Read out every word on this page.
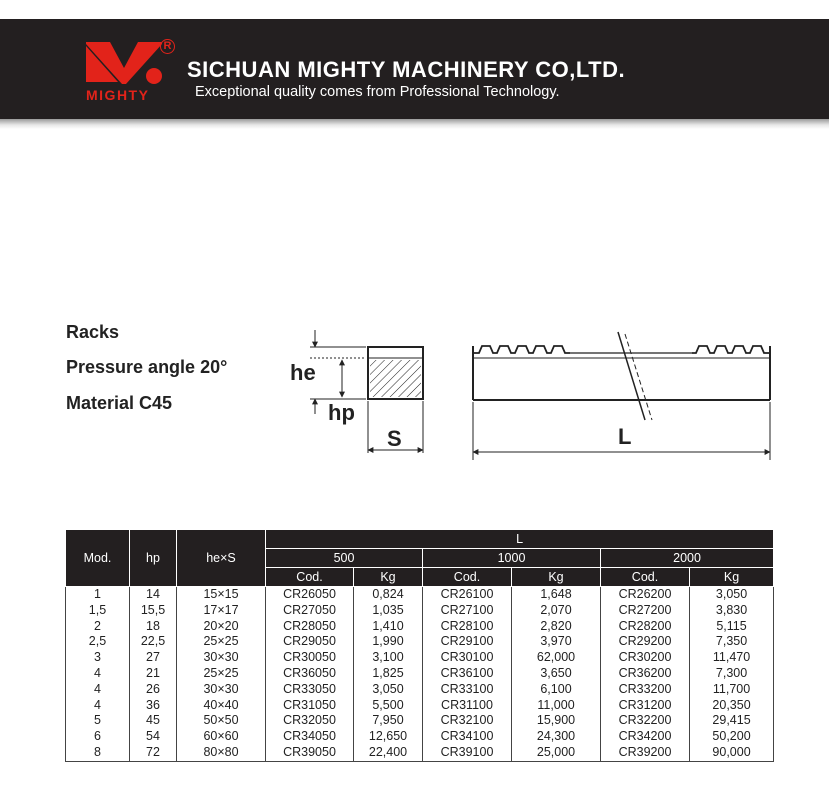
R
MIGHTY
SICHUAN MIGHTY MACHINERY CO,LTD.
Exceptional quality comes from Professional Technology.
Racks
Pressure angle 20°
Material C45
he
hp
S	L
Mod.	hp	he×S	L					
			500		1000		2000	
			Cod.	Kg	Cod.	Kg	Cod.	Kg
1	14	15×15	CR26050	0,824	CR26100	1,648	CR26200	3,050
1,5	15,5	17×17	CR27050	1,035	CR27100	2,070	CR27200	3,830
2	18	20×20	CR28050	1,410	CR28100	2,820	CR28200	5,115
2,5	22,5	25×25	CR29050	1,990	CR29100	3,970	CR29200	7,350
3	27	30×30	CR30050	3,100	CR30100	62,000	CR30200	11,470
4	21	25×25	CR36050	1,825	CR36100	3,650	CR36200	7,300
4	26	30×30	CR33050	3,050	CR33100	6,100	CR33200	11,700
4	36	40×40	CR31050	5,500	CR31100	11,000	CR31200	20,350
5	45	50×50	CR32050	7,950	CR32100	15,900	CR32200	29,415
6	54	60×60	CR34050	12,650	CR34100	24,300	CR34200	50,200
8	72	80×80	CR39050	22,400	CR39100	25,000	CR39200	90,000
